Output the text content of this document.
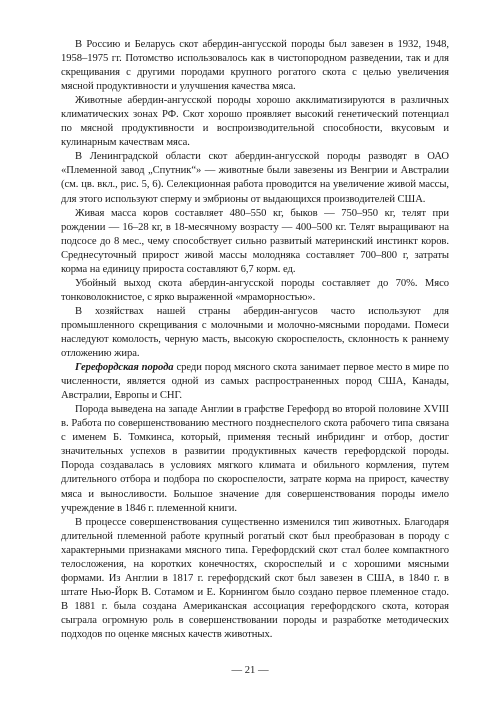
В Россию и Беларусь скот абердин-ангусской породы был завезен в 1932, 1948, 1958–1975 гг. Потомство использовалось как в чистопородном разведении, так и для скрещивания с другими породами крупного рогатого скота с целью увеличения мясной продуктивности и улучшения качества мяса.

Животные абердин-ангусской породы хорошо акклиматизируются в различных климатических зонах РФ. Скот хорошо проявляет высокий генетический потенциал по мясной продуктивности и воспроизводительной способности, вкусовым и кулинарным качествам мяса.

В Ленинградской области скот абердин-ангусской породы разводят в ОАО «Племенной завод „Спутник“» — животные были завезены из Венгрии и Австралии (см. цв. вкл., рис. 5, 6). Селекционная работа проводится на увеличение живой массы, для этого используют сперму и эмбрионы от выдающихся производителей США.

Живая масса коров составляет 480–550 кг, быков — 750–950 кг, телят при рождении — 16–28 кг, в 18-месячному возрасту — 400–500 кг. Телят выращивают на подсосе до 8 мес., чему способствует сильно развитый материнский инстинкт коров. Среднесуточный прирост живой массы молодняка составляет 700–800 г, затраты корма на единицу прироста составляют 6,7 корм. ед.

Убойный выход скота абердин-ангусской породы составляет до 70%. Мясо тонковолокнистое, с ярко выраженной «мраморностью».

В хозяйствах нашей страны абердин-ангусов часто используют для промышленного скрещивания с молочными и молочно-мясными породами. Помеси наследуют комолость, черную масть, высокую скороспелость, склонность к раннему отложению жира.

Герефордская порода среди пород мясного скота занимает первое место в мире по численности, является одной из самых распространенных пород США, Канады, Австралии, Европы и СНГ.

Порода выведена на западе Англии в графстве Герефорд во второй половине XVIII в. Работа по совершенствованию местного позднеспелого скота рабочего типа связана с именем Б. Томкинса, который, применяя тесный инбридинг и отбор, достиг значительных успехов в развитии продуктивных качеств герефордской породы. Порода создавалась в условиях мягкого климата и обильного кормления, путем длительного отбора и подбора по скороспелости, затрате корма на прирост, качеству мяса и выносливости. Большое значение для совершенствования породы имело учреждение в 1846 г. племенной книги.

В процессе совершенствования существенно изменился тип животных. Благодаря длительной племенной работе крупный рогатый скот был преобразован в породу с характерными признаками мясного типа. Герефордский скот стал более компактного телосложения, на коротких конечностях, скороспелый и с хорошими мясными формами. Из Англии в 1817 г. герефордский скот был завезен в США, в 1840 г. в штате Нью-Йорк В. Сотамом и Е. Корнингом было создано первое племенное стадо. В 1881 г. была создана Американская ассоциация герефордского скота, которая сыграла огромную роль в совершенствовании породы и разработке методических подходов по оценке мясных качеств животных.

— 21 —
